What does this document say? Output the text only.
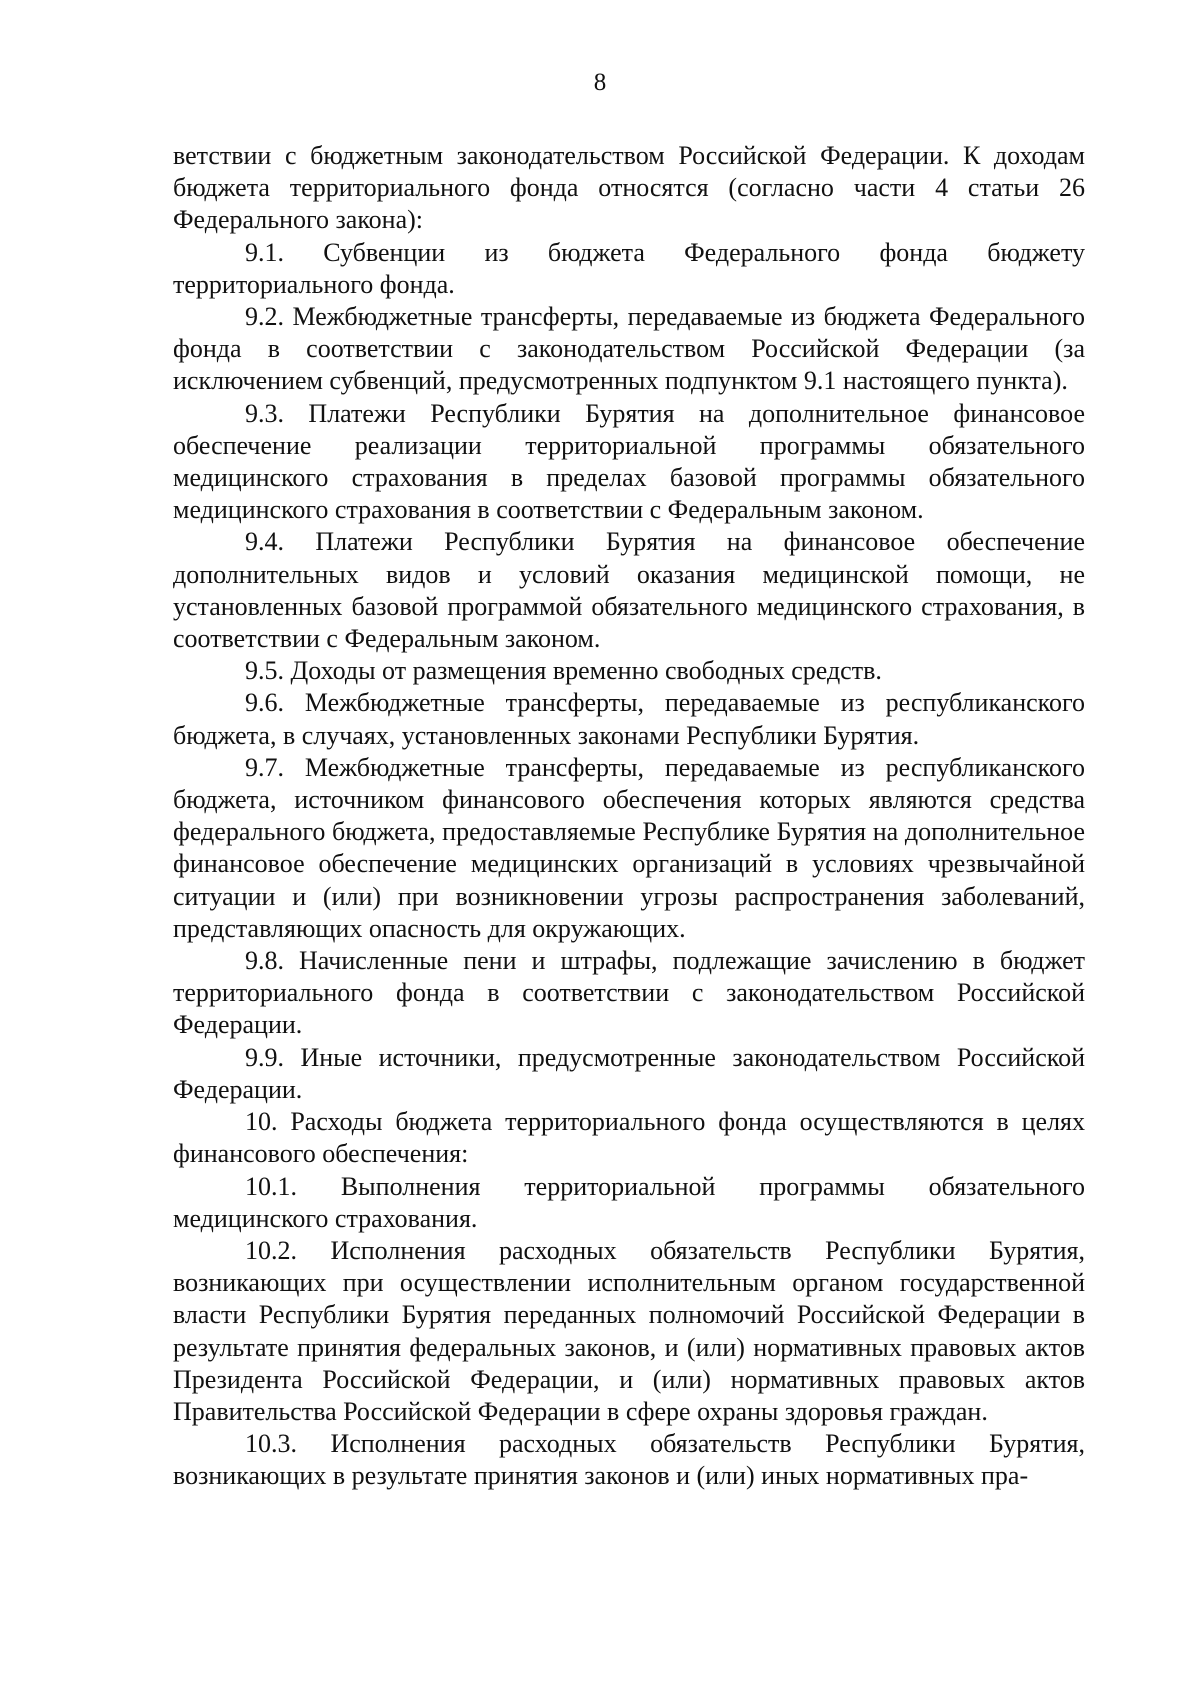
8

ветствии с бюджетным законодательством Российской Федерации. К доходам бюджета территориального фонда относятся (согласно части 4 статьи 26 Федерального закона):

9.1. Субвенции из бюджета Федерального фонда бюджету территориального фонда.

9.2. Межбюджетные трансферты, передаваемые из бюджета Федерального фонда в соответствии с законодательством Российской Федерации (за исключением субвенций, предусмотренных подпунктом 9.1 настоящего пункта).

9.3. Платежи Республики Бурятия на дополнительное финансовое обеспечение реализации территориальной программы обязательного медицинского страхования в пределах базовой программы обязательного медицинского страхования в соответствии с Федеральным законом.

9.4. Платежи Республики Бурятия на финансовое обеспечение дополнительных видов и условий оказания медицинской помощи, не установленных базовой программой обязательного медицинского страхования, в соответствии с Федеральным законом.

9.5. Доходы от размещения временно свободных средств.

9.6. Межбюджетные трансферты, передаваемые из республиканского бюджета, в случаях, установленных законами Республики Бурятия.

9.7. Межбюджетные трансферты, передаваемые из республиканского бюджета, источником финансового обеспечения которых являются средства федерального бюджета, предоставляемые Республике Бурятия на дополнительное финансовое обеспечение медицинских организаций в условиях чрезвычайной ситуации и (или) при возникновении угрозы распространения заболеваний, представляющих опасность для окружающих.

9.8. Начисленные пени и штрафы, подлежащие зачислению в бюджет территориального фонда в соответствии с законодательством Российской Федерации.

9.9. Иные источники, предусмотренные законодательством Российской Федерации.

10. Расходы бюджета территориального фонда осуществляются в целях финансового обеспечения:

10.1. Выполнения территориальной программы обязательного медицинского страхования.

10.2. Исполнения расходных обязательств Республики Бурятия, возникающих при осуществлении исполнительным органом государственной власти Республики Бурятия переданных полномочий Российской Федерации в результате принятия федеральных законов, и (или) нормативных правовых актов Президента Российской Федерации, и (или) нормативных правовых актов Правительства Российской Федерации в сфере охраны здоровья граждан.

10.3. Исполнения расходных обязательств Республики Бурятия, возникающих в результате принятия законов и (или) иных нормативных пра-
